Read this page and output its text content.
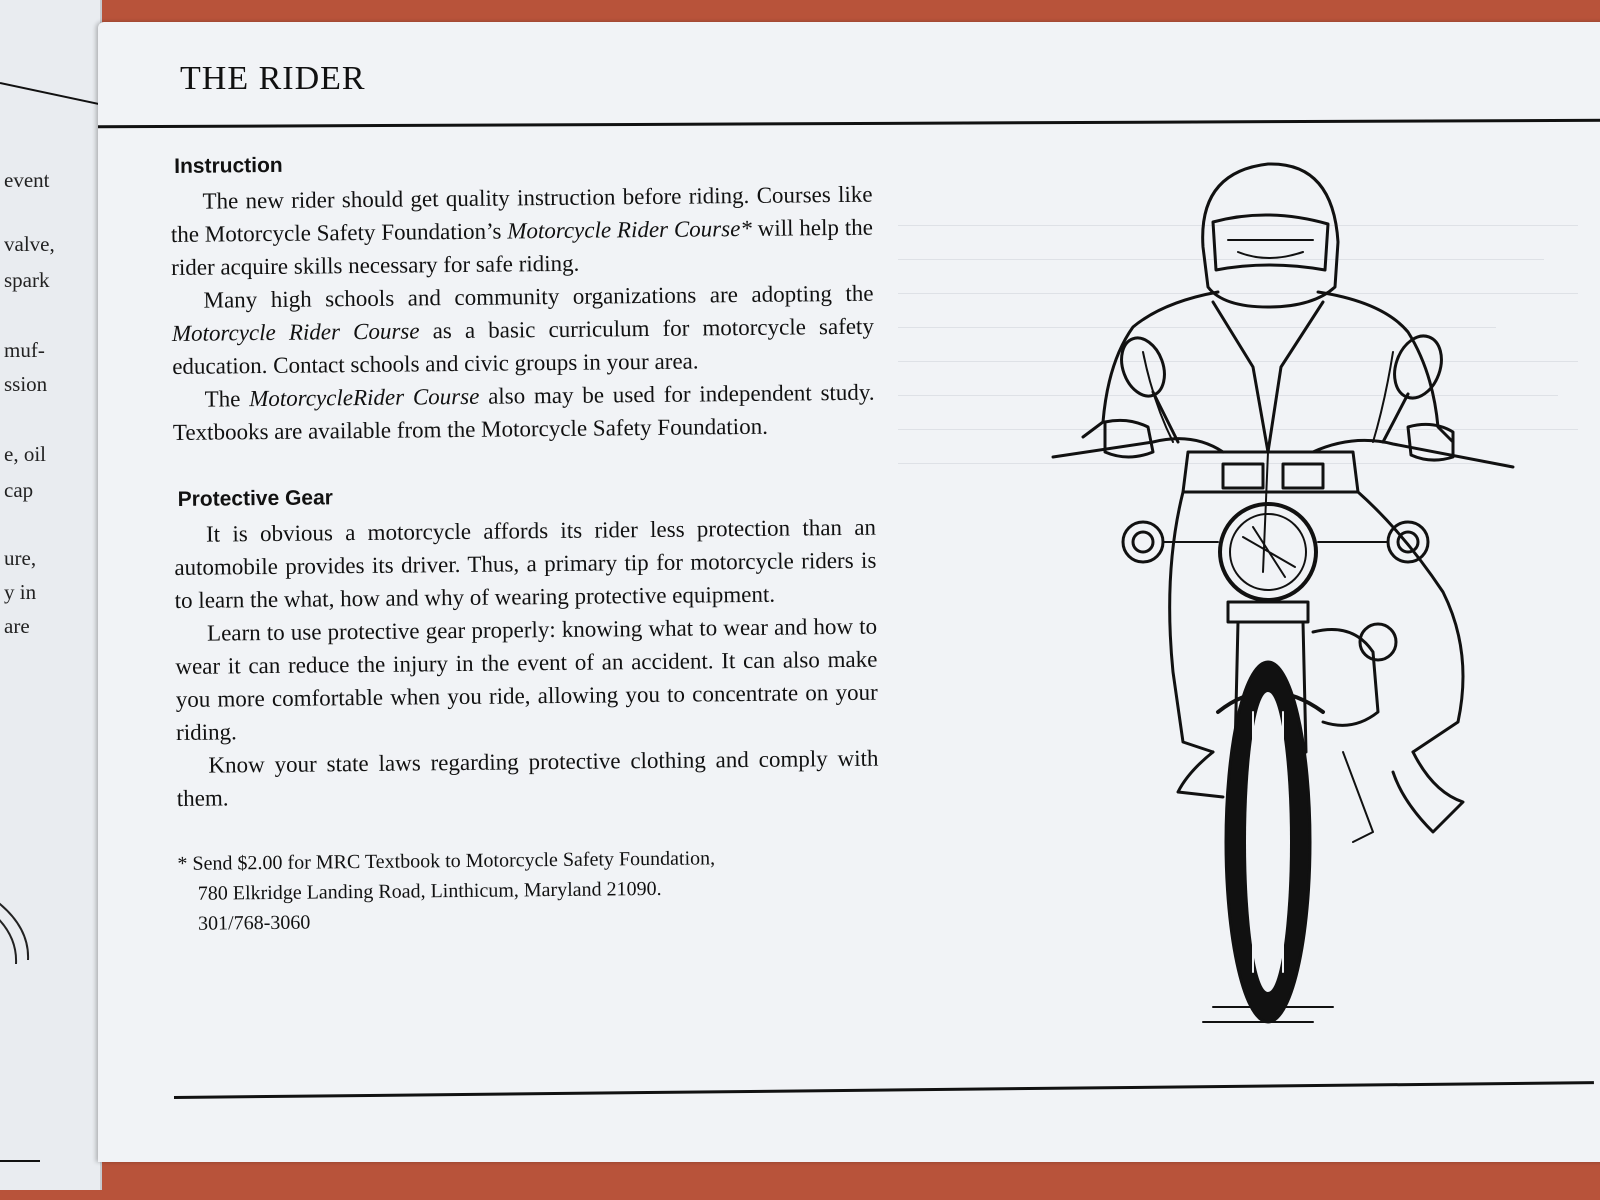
event
valve,
spark
muf-
ssion
e, oil
cap
ure,
y in
are
THE RIDER
Instruction

The new rider should get quality instruction before riding. Courses like the Motorcycle Safety Foundation’s Motorcycle Rider Course* will help the rider acquire skills necessary for safe riding.

Many high schools and community organizations are adopting the Motorcycle Rider Course as a basic curriculum for motorcycle safety education. Contact schools and civic groups in your area.

The MotorcycleRider Course also may be used for independent study. Textbooks are available from the Motorcycle Safety Foundation.

Protective Gear

It is obvious a motorcycle affords its rider less protection than an automobile provides its driver. Thus, a primary tip for motorcycle riders is to learn the what, how and why of wearing protective equipment.

Learn to use protective gear properly: knowing what to wear and how to wear it can reduce the injury in the event of an accident. It can also make you more comfortable when you ride, allowing you to concentrate on your riding.

Know your state laws regarding protective clothing and comply with them.

* Send $2.00 for MRC Textbook to Motorcycle Safety Foundation,
780 Elkridge Landing Road, Linthicum, Maryland 21090.
301/768-3060
